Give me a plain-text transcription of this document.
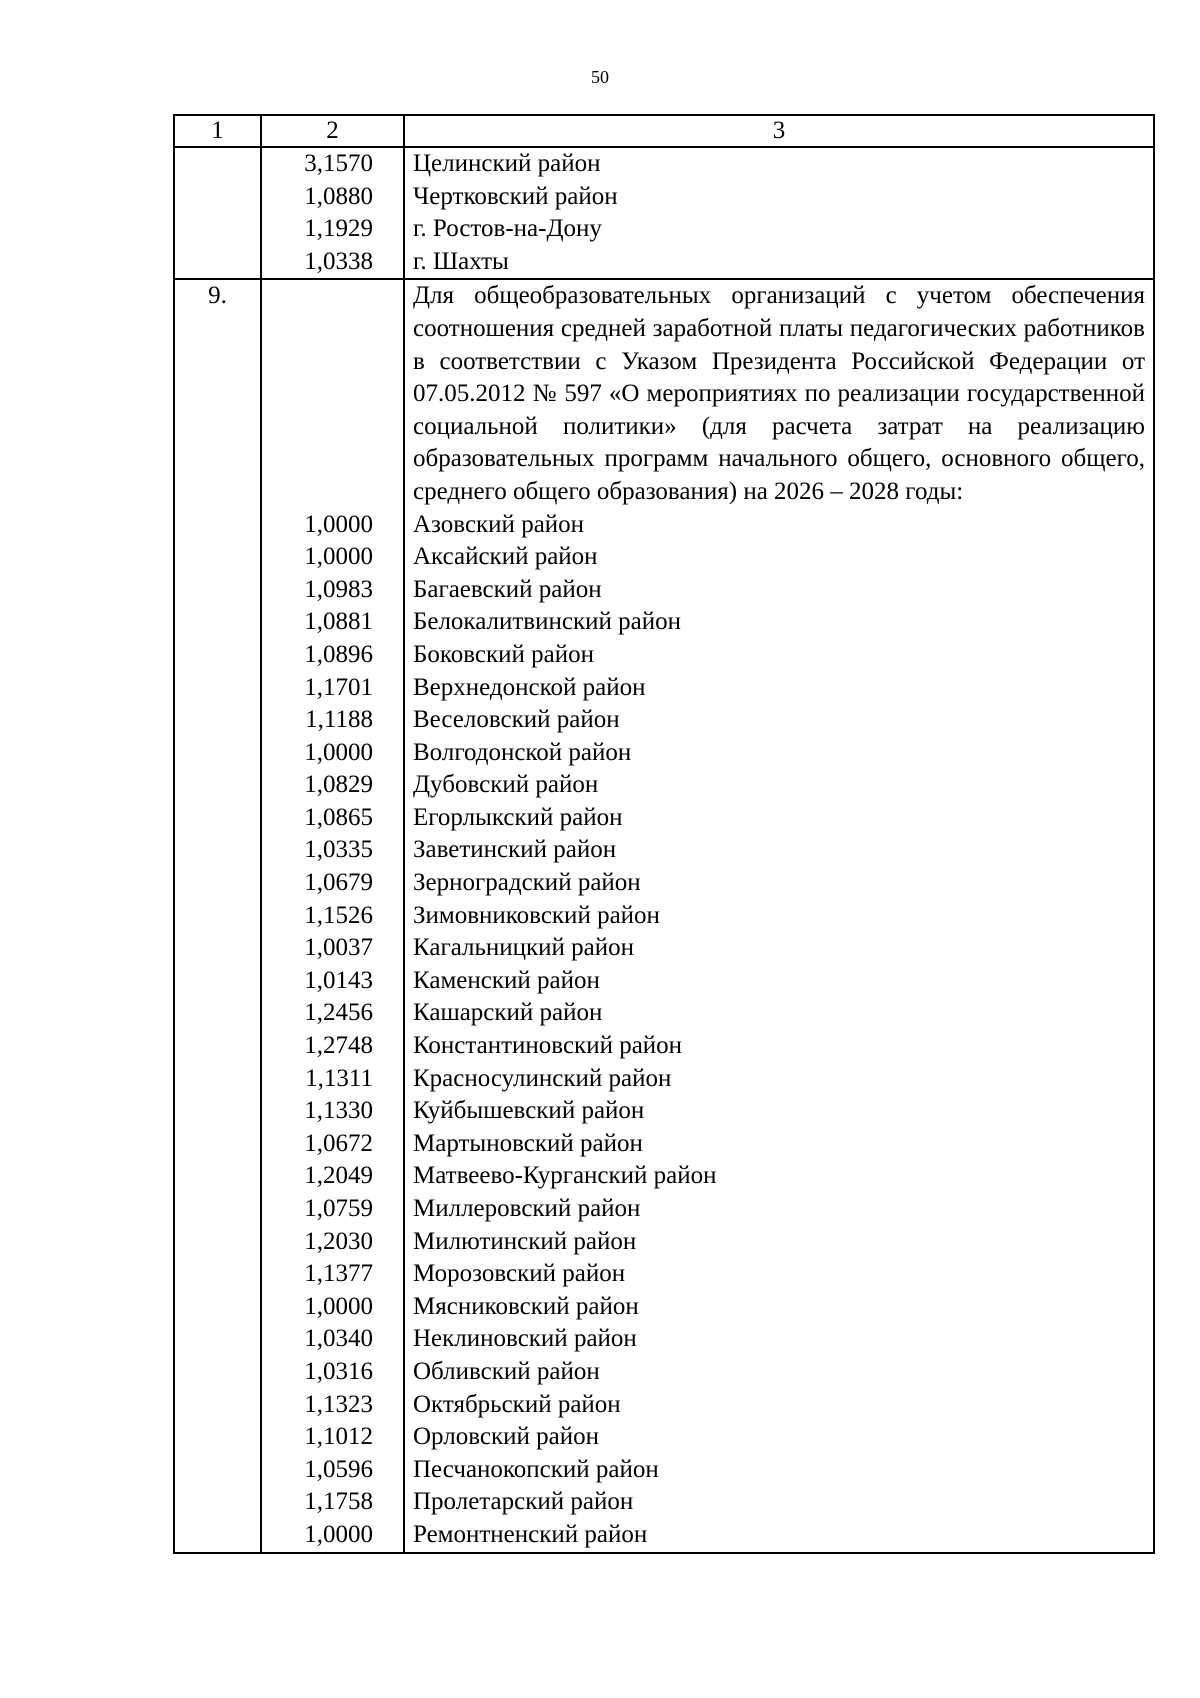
50
1	2	3
	3,1570	Целинский район
	1,0880	Чертковский район
	1,1929	г. Ростов-на-Дону
	1,0338	г. Шахты
9.		Для общеобразовательных организаций с учетом обеспечения соотношения средней заработной платы педагогических работников в соответствии с Указом Президента Российской Федерации от 07.05.2012 № 597 «О мероприятиях по реализации государственной социальной политики» (для расчета затрат на реализацию образовательных программ начального общего, основного общего, среднего общего образования) на 2026 – 2028 годы:

	1,0000	Азовский район
	1,0000	Аксайский район
	1,0983	Багаевский район
	1,0881	Белокалитвинский район
	1,0896	Боковский район
	1,1701	Верхнедонской район
	1,1188	Веселовский район
	1,0000	Волгодонской район
	1,0829	Дубовский район
	1,0865	Егорлыкский район
	1,0335	Заветинский район
	1,0679	Зерноградский район
	1,1526	Зимовниковский район
	1,0037	Кагальницкий район
	1,0143	Каменский район
	1,2456	Кашарский район
	1,2748	Константиновский район
	1,1311	Красносулинский район
	1,1330	Куйбышевский район
	1,0672	Мартыновский район
	1,2049	Матвеево-Курганский район
	1,0759	Миллеровский район
	1,2030	Милютинский район
	1,1377	Морозовский район
	1,0000	Мясниковский район
	1,0340	Неклиновский район
	1,0316	Обливский район
	1,1323	Октябрьский район
	1,1012	Орловский район
	1,0596	Песчанокопский район
	1,1758	Пролетарский район
	1,0000	Ремонтненский район
